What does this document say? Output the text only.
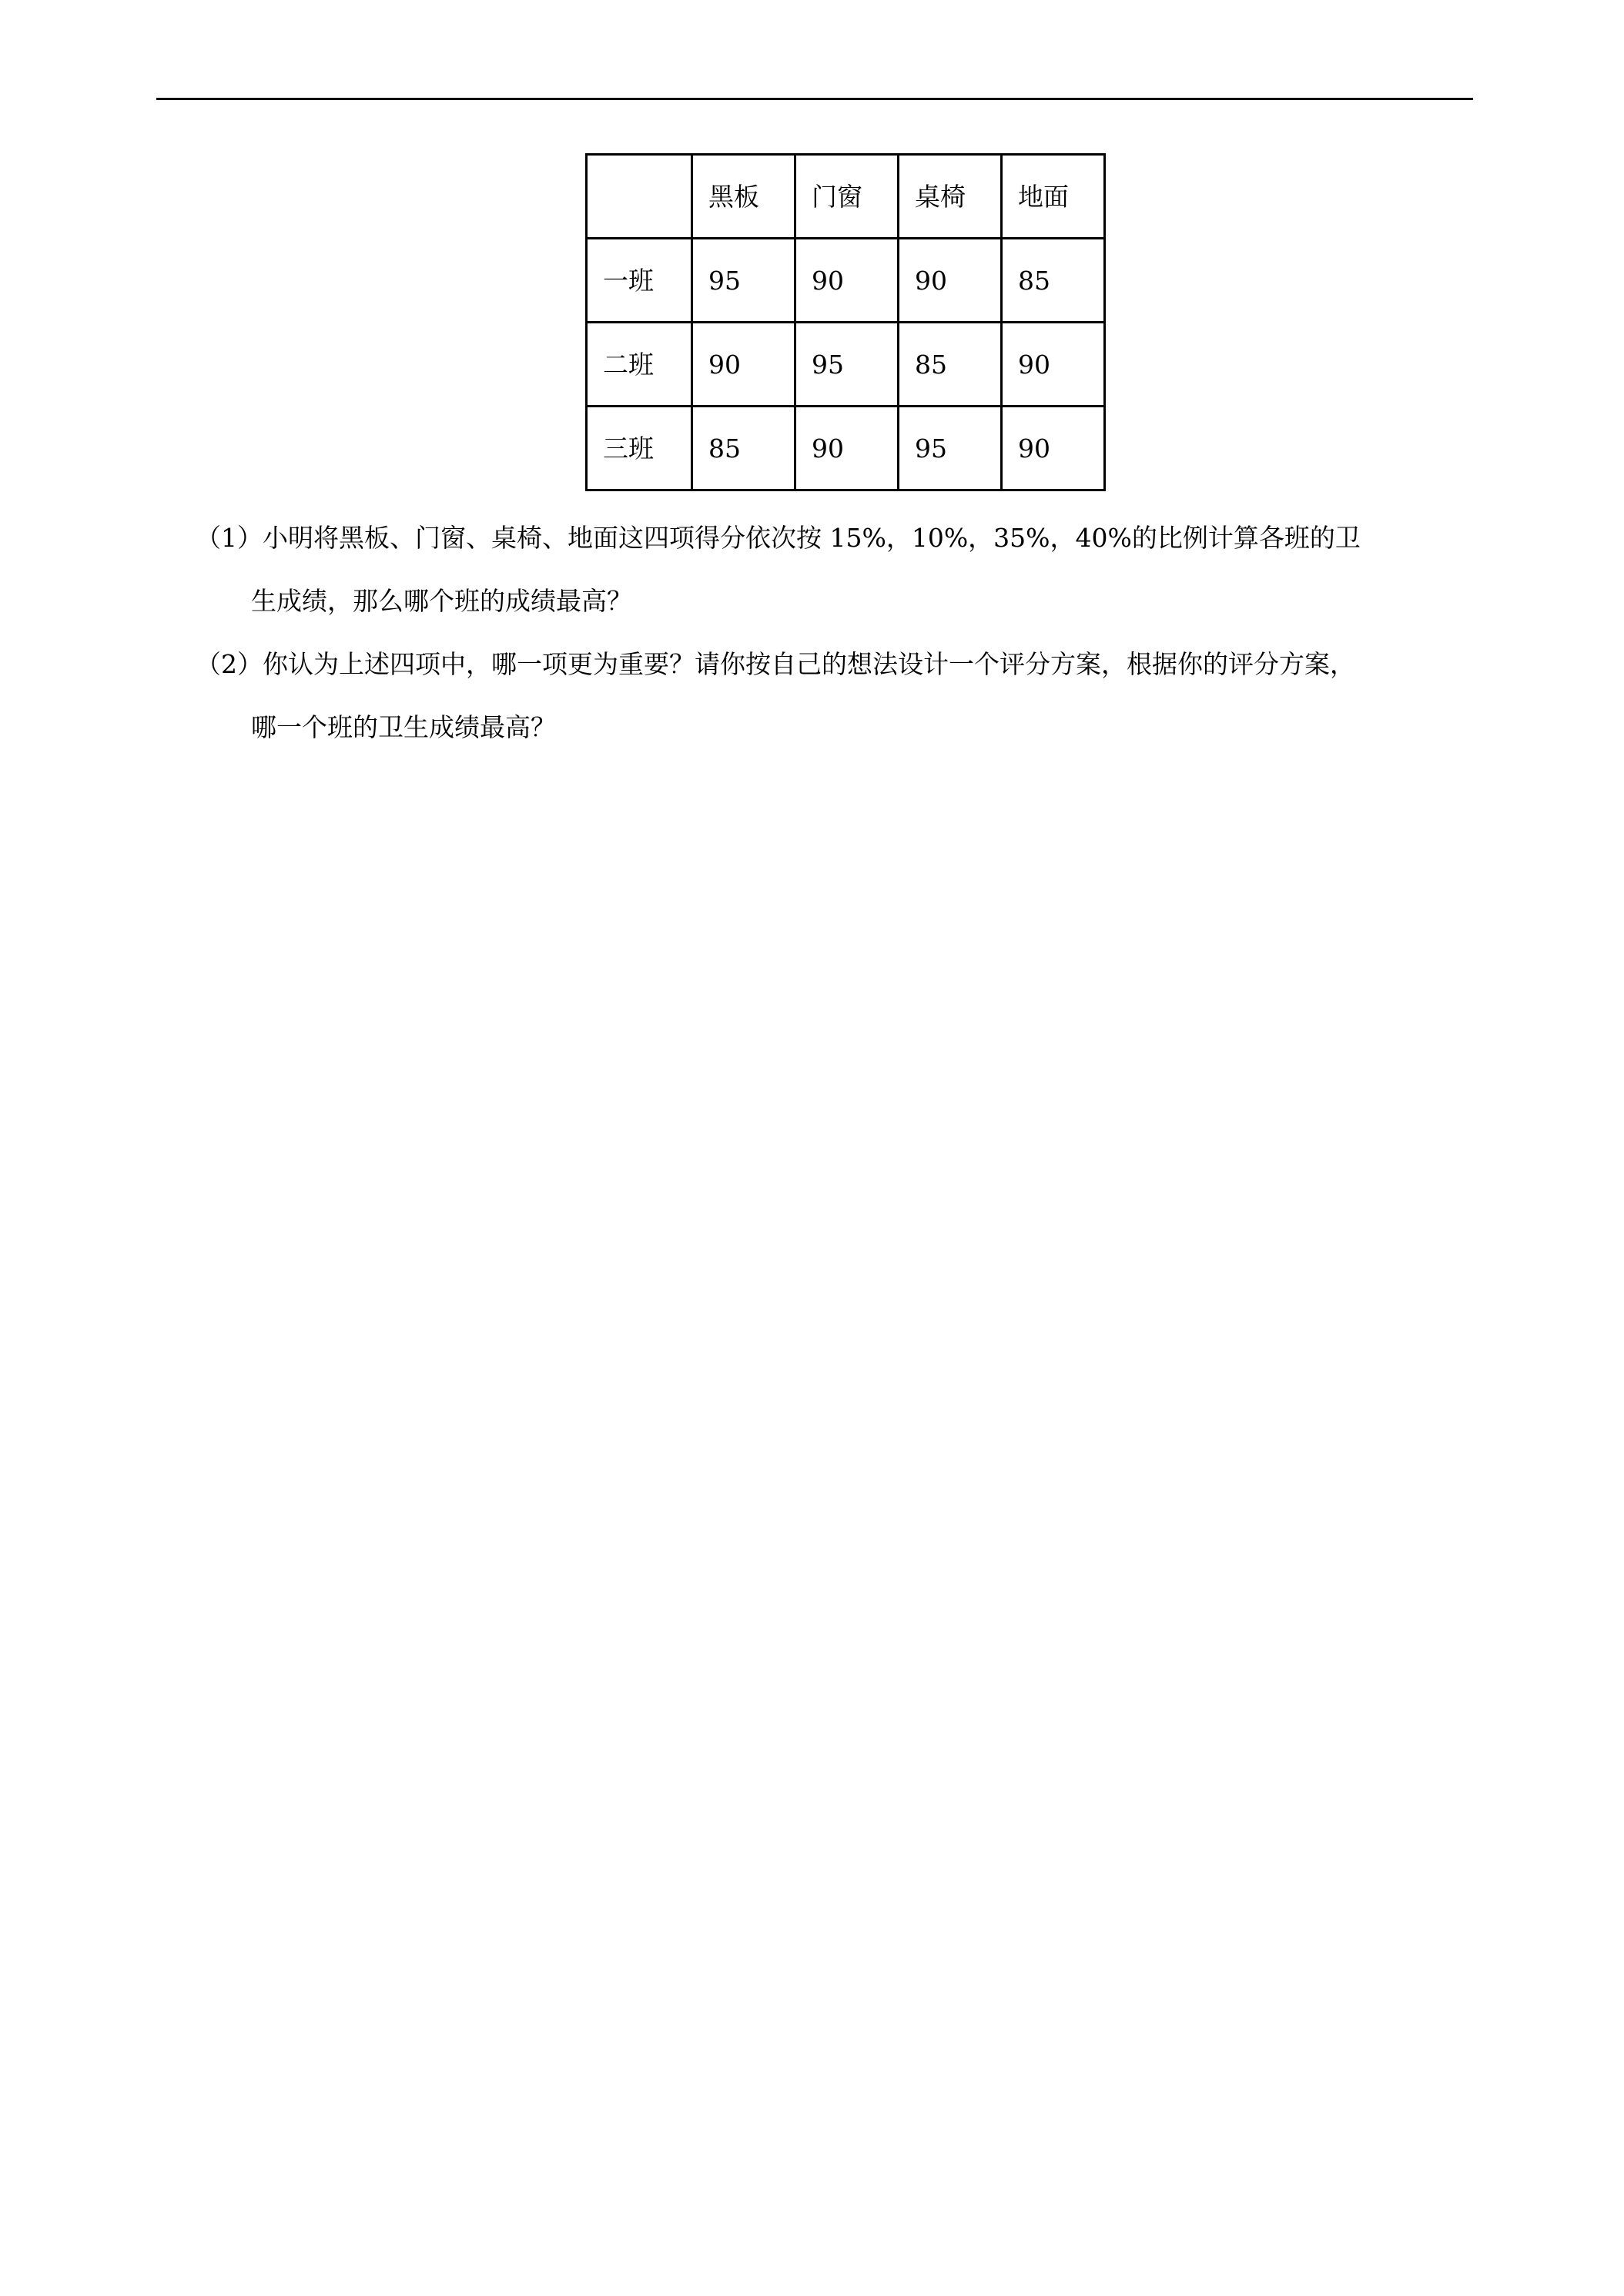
	黑板	门窗	桌椅	地面
一班	95	90	90	85
二班	90	95	85	90
三班	85	90	95	90
（1）小明将黑板、门窗、桌椅、地面这四项得分依次按 15%，10%，35%，40%的比例计算各班的卫
生成绩，那么哪个班的成绩最高？
（2）你认为上述四项中，哪一项更为重要？请你按自己的想法设计一个评分方案，根据你的评分方案，
哪一个班的卫生成绩最高？
